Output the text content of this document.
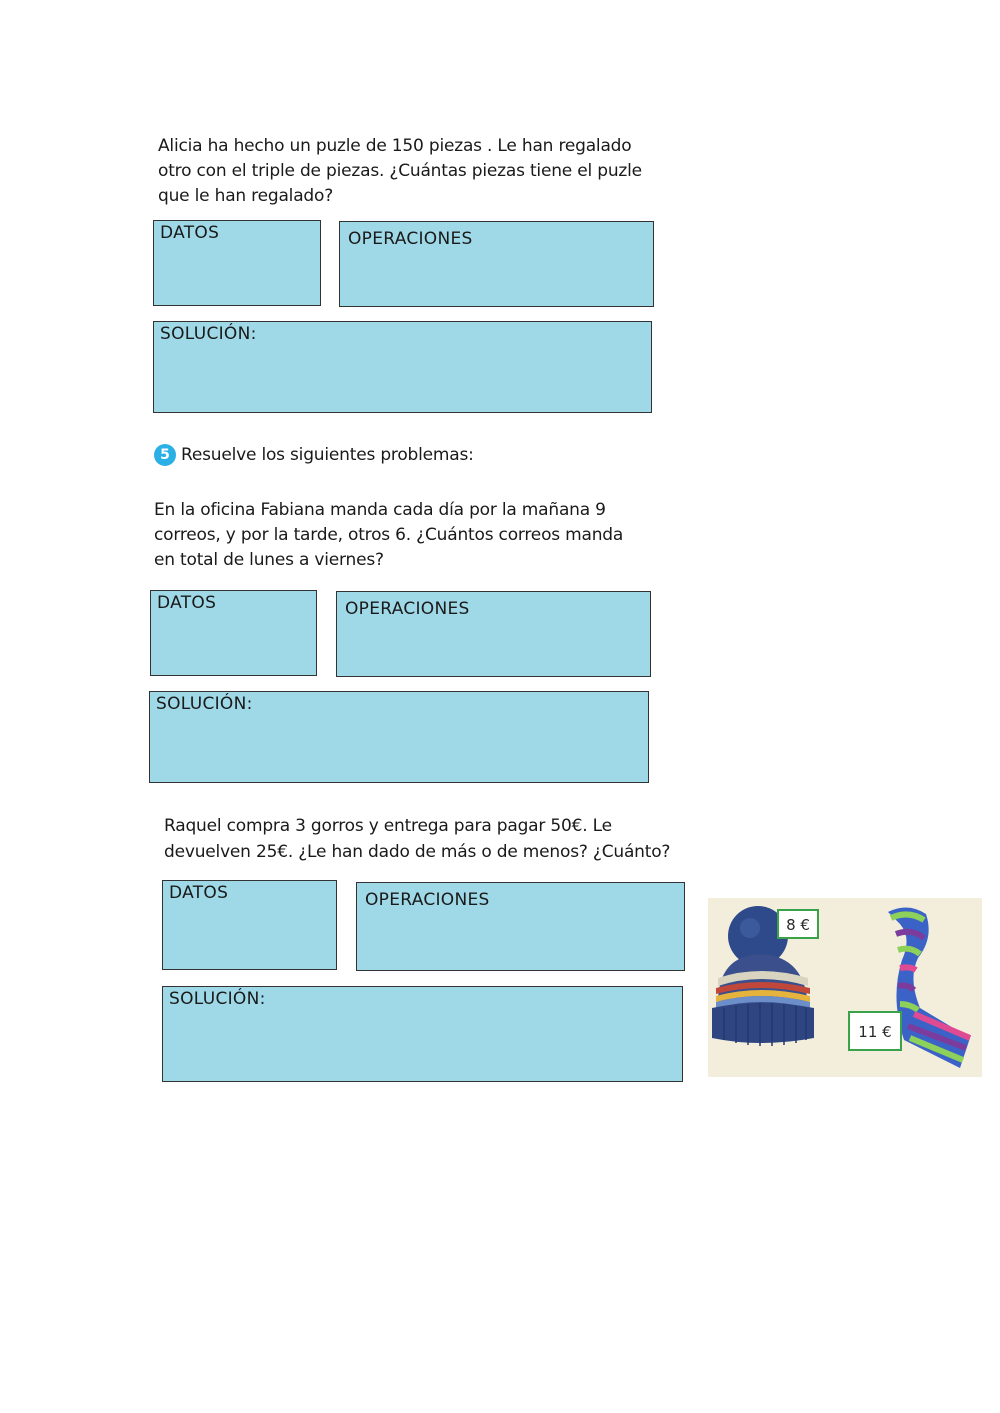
Alicia ha hecho un puzle de 150 piezas . Le han regalado

otro con el triple de piezas. ¿Cuántas piezas tiene el puzle

que le han regalado?

DATOS	OPERACIONES
SOLUCIÓN:
5 Resuelve los siguientes problemas:

En la oficina Fabiana manda cada día por la mañana 9

correos, y por la tarde, otros 6. ¿Cuántos correos manda

en total de lunes a viernes?

DATOS	OPERACIONES
SOLUCIÓN:

Raquel compra 3 gorros y entrega para pagar 50€. Le

devuelven 25€. ¿Le han dado de más o de menos? ¿Cuánto?

DATOS	OPERACIONES
SOLUCIÓN:
8 €
11 €
